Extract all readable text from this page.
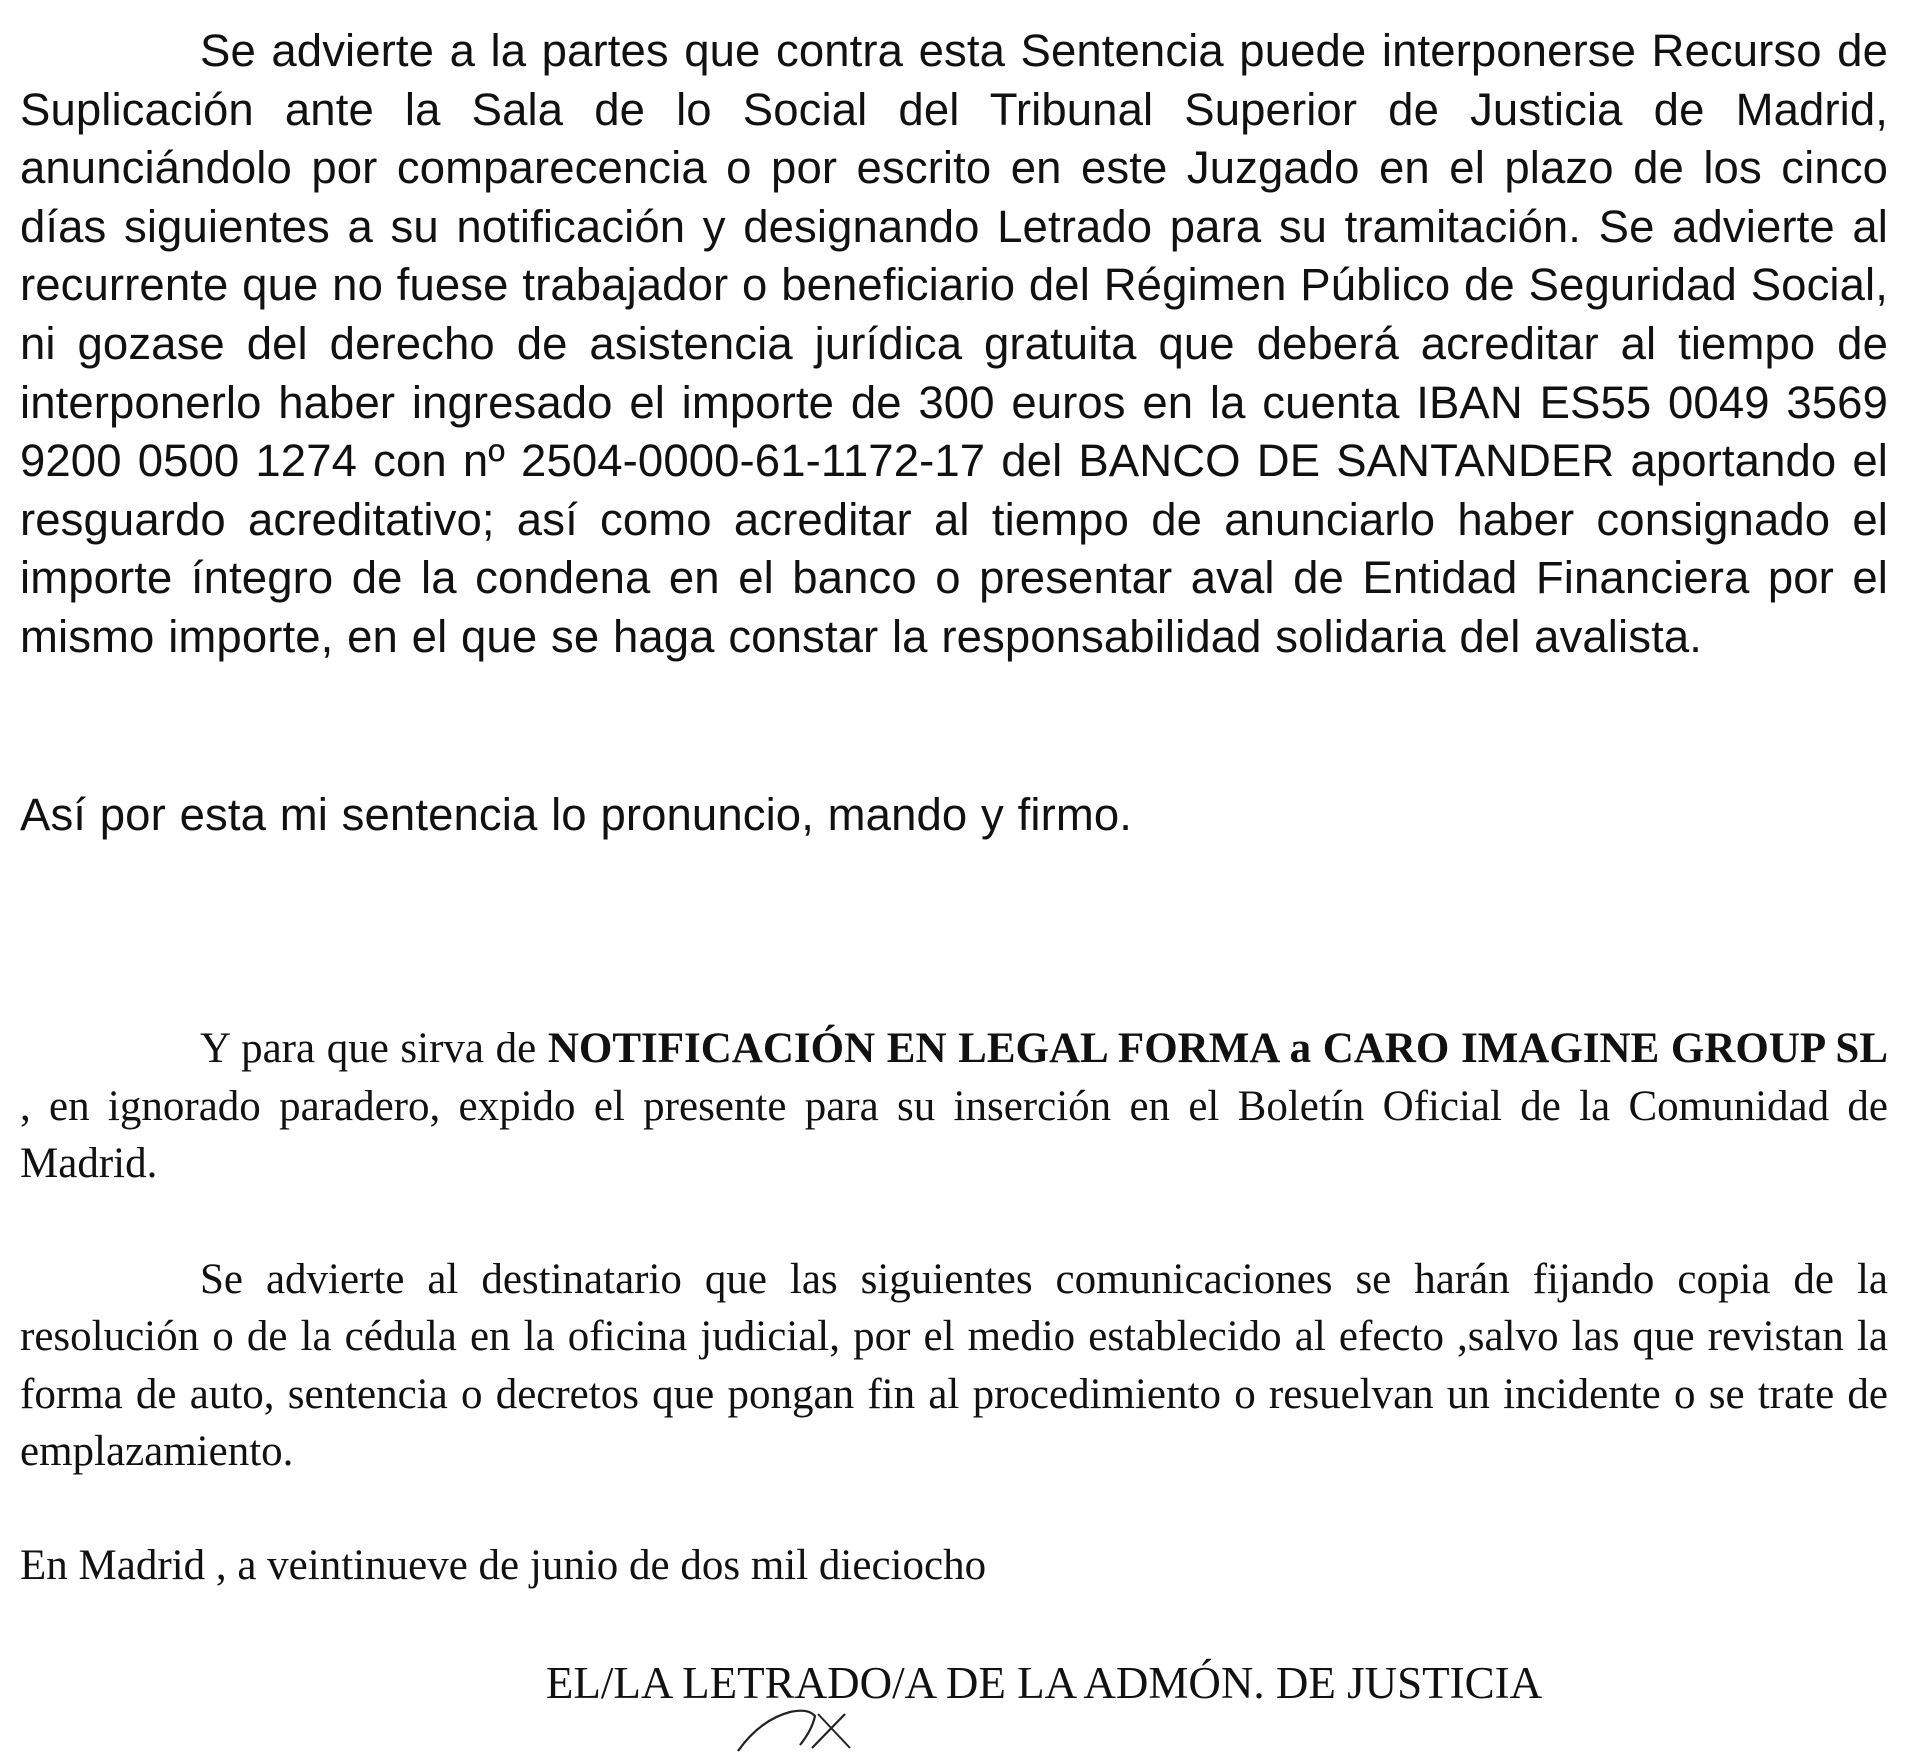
Se advierte a la partes que contra esta Sentencia puede interponerse Recurso de Suplicación ante la Sala de lo Social del Tribunal Superior de Justicia de Madrid, anunciándolo por comparecencia o por escrito en este Juzgado en el plazo de los cinco días siguientes a su notificación y designando Letrado para su tramitación. Se advierte al recurrente que no fuese trabajador o beneficiario del Régimen Público de Seguridad Social, ni gozase del derecho de asistencia jurídica gratuita que deberá acreditar al tiempo de interponerlo haber ingresado el importe de 300 euros en la cuenta IBAN ES55 0049 3569 9200 0500 1274 con nº 2504-0000-61-1172-17 del BANCO DE SANTANDER aportando el resguardo acreditativo; así como acreditar al tiempo de anunciarlo haber consignado el importe íntegro de la condena en el banco o presentar aval de Entidad Financiera por el mismo importe, en el que se haga constar la responsabilidad solidaria del avalista.

Así por esta mi sentencia lo pronuncio, mando y firmo.

Y para que sirva de NOTIFICACIÓN EN LEGAL FORMA a CARO IMAGINE GROUP SL , en ignorado paradero, expido el presente para su inserción en el Boletín Oficial de la Comunidad de Madrid.

Se advierte al destinatario que las siguientes comunicaciones se harán fijando copia de la resolución o de la cédula en la oficina judicial, por el medio establecido al efecto ,salvo las que revistan la forma de auto, sentencia o decretos que pongan fin al procedimiento o resuelvan un incidente o se trate de emplazamiento.

En Madrid , a veintinueve de junio de dos mil dieciocho

EL/LA LETRADO/A DE LA ADMÓN. DE JUSTICIA
